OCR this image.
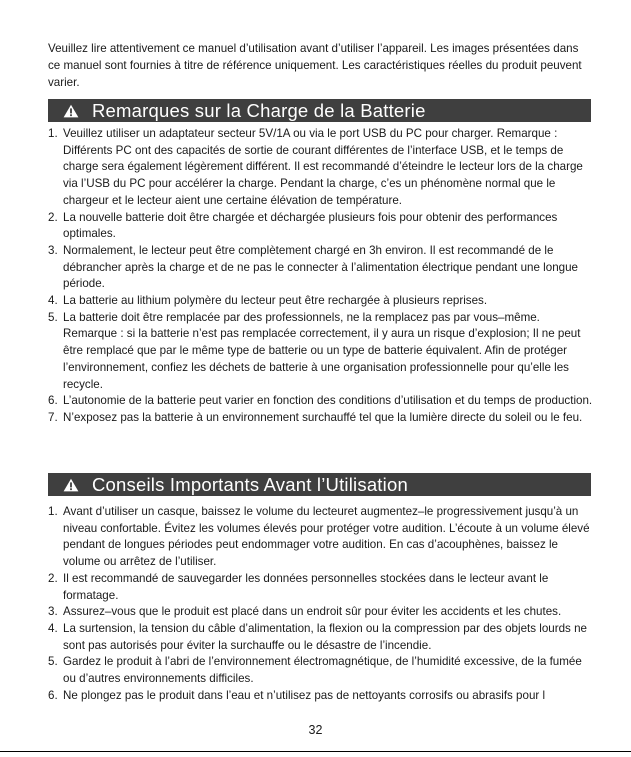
Veuillez lire attentivement ce manuel d’utilisation avant d’utiliser l’appareil. Les images présentées dans ce manuel sont fournies à titre de référence uniquement. Les caractéristiques réelles du produit peuvent varier.

Remarques sur la Charge de la Batterie
1. Veuillez utiliser un adaptateur secteur 5V/1A ou via le port USB du PC pour charger. Remarque : Différents PC ont des capacités de sortie de courant différentes de l’interface USB, et le temps de charge sera également légèrement différent. Il est recommandé d’éteindre le lecteur lors de la charge via l’USB du PC pour accélérer la charge. Pendant la charge, c’es un phénomène normal que le chargeur et le lecteur aient une certaine élévation de température.
2. La nouvelle batterie doit être chargée et déchargée plusieurs fois pour obtenir des performances optimales.
3. Normalement, le lecteur peut être complètement chargé en 3h environ. Il est recommandé de le débrancher après la charge et de ne pas le connecter à l’alimentation électrique pendant une longue période.
4. La batterie au lithium polymère du lecteur peut être rechargée à plusieurs reprises.
5. La batterie doit être remplacée par des professionnels, ne la remplacez pas par vous–même. Remarque : si la batterie n’est pas remplacée correctement, il y aura un risque d’explosion; Il ne peut être remplacé que par le même type de batterie ou un type de batterie équivalent. Afin de protéger l’environnement, confiez les déchets de batterie à une organisation professionnelle pour qu’elle les recycle.
6. L’autonomie de la batterie peut varier en fonction des conditions d’utilisation et du temps de production.
7. N’exposez pas la batterie à un environnement surchauffé tel que la lumière directe du soleil ou le feu.
Conseils Importants Avant l’Utilisation
1. Avant d’utiliser un casque, baissez le volume du lecteuret augmentez–le progressivement jusqu’à un niveau confortable. Évitez les volumes élevés pour protéger votre audition. L’écoute à un volume élevé pendant de longues périodes peut endommager votre audition. En cas d’acouphènes, baissez le volume ou arrêtez de l’utiliser.
2. Il est recommandé de sauvegarder les données personnelles stockées dans le lecteur avant le formatage.
3. Assurez–vous que le produit est placé dans un endroit sûr pour éviter les accidents et les chutes.
4. La surtension, la tension du câble d’alimentation, la flexion ou la compression par des objets lourds ne sont pas autorisés pour éviter la surchauffe ou le désastre de l’incendie.
5. Gardez le produit à l’abri de l’environnement électromagnétique, de l’humidité excessive, de la fumée ou d’autres environnements difficiles.
6. Ne plongez pas le produit dans l’eau et n’utilisez pas de nettoyants corrosifs ou abrasifs pour l
32
